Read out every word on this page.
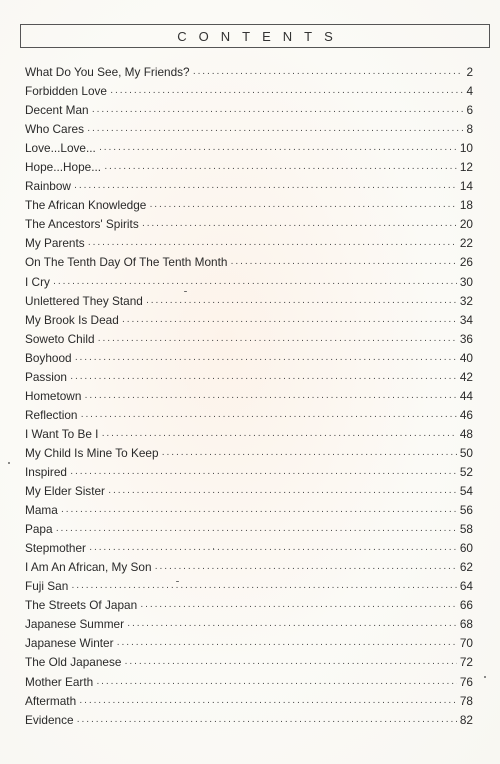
CONTENTS
What Do You See, My Friends? ·····	2
Forbidden Love ·····	4
Decent Man ·····	6
Who Cares ·····	8
Love...Love... ·····	10
Hope...Hope... ·····	12
Rainbow ·····	14
The African Knowledge ·····	18
The Ancestors' Spirits ·····	20
My Parents ·····	22
On The Tenth Day Of The Tenth Month ·····	26
I Cry ·····	30
Unlettered They Stand ·····	32
My Brook Is Dead ·····	34
Soweto Child ·····	36
Boyhood ·····	40
Passion ·····	42
Hometown ·····	44
Reflection ·····	46
I Want To Be I ·····	48
My Child Is Mine To Keep ·····	50
Inspired ·····	52
My Elder Sister ·····	54
Mama ·····	56
Papa ·····	58
Stepmother ·····	60
I Am An African, My Son ·····	62
Fuji San ·····	64
The Streets Of Japan ·····	66
Japanese Summer ·····	68
Japanese Winter ·····	70
The Old Japanese ·····	72
Mother Earth ·····	76
Aftermath ·····	78
Evidence ·····	82
